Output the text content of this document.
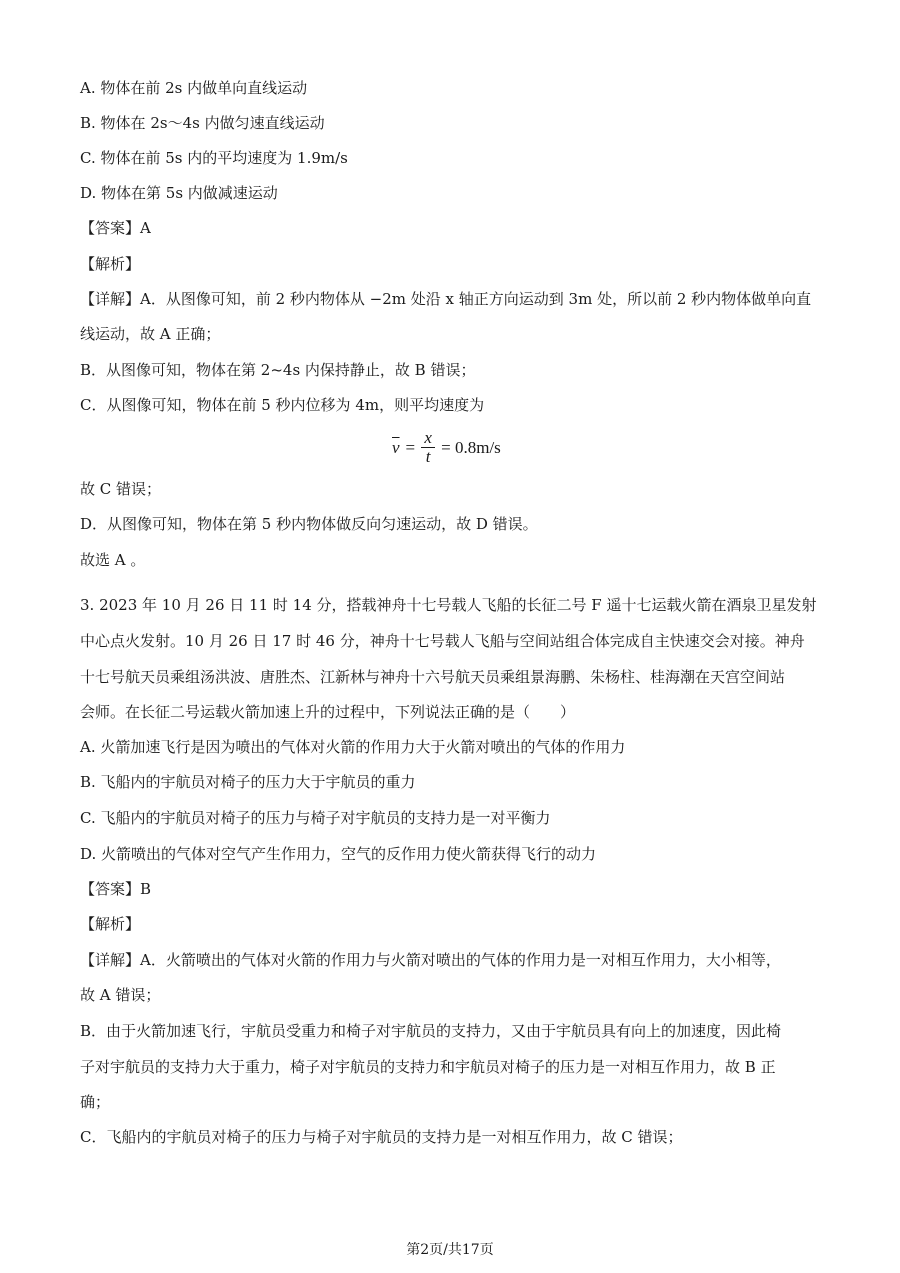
A. 物体在前 2s 内做单向直线运动
B. 物体在 2s～4s 内做匀速直线运动
C. 物体在前 5s 内的平均速度为 1.9m/s
D. 物体在第 5s 内做减速运动
【答案】A
【解析】
【详解】A．从图像可知，前 2 秒内物体从 −2m 处沿 x 轴正方向运动到 3m 处，所以前 2 秒内物体做单向直
线运动，故 A 正确；
B．从图像可知，物体在第 2~4s 内保持静止，故 B 错误；
C．从图像可知，物体在前 5 秒内位移为 4m，则平均速度为
$\overline{v} = \frac{x}{t} = 0.8m/s$
故 C 错误；
D．从图像可知，物体在第 5 秒内物体做反向匀速运动，故 D 错误。
故选 A 。
3. 2023 年 10 月 26 日 11 时 14 分，搭载神舟十七号载人飞船的长征二号 F 遥十七运载火箭在酒泉卫星发射
中心点火发射。10 月 26 日 17 时 46 分，神舟十七号载人飞船与空间站组合体完成自主快速交会对接。神舟
十七号航天员乘组汤洪波、唐胜杰、江新林与神舟十六号航天员乘组景海鹏、朱杨柱、桂海潮在天宫空间站
会师。在长征二号运载火箭加速上升的过程中，下列说法正确的是（　　）
A. 火箭加速飞行是因为喷出的气体对火箭的作用力大于火箭对喷出的气体的作用力
B. 飞船内的宇航员对椅子的压力大于宇航员的重力
C. 飞船内的宇航员对椅子的压力与椅子对宇航员的支持力是一对平衡力
D. 火箭喷出的气体对空气产生作用力，空气的反作用力使火箭获得飞行的动力
【答案】B
【解析】
【详解】A．火箭喷出的气体对火箭的作用力与火箭对喷出的气体的作用力是一对相互作用力，大小相等，
故 A 错误；
B．由于火箭加速飞行，宇航员受重力和椅子对宇航员的支持力，又由于宇航员具有向上的加速度，因此椅
子对宇航员的支持力大于重力，椅子对宇航员的支持力和宇航员对椅子的压力是一对相互作用力，故 B 正
确；
C．飞船内的宇航员对椅子的压力与椅子对宇航员的支持力是一对相互作用力，故 C 错误；
第2页/共17页
